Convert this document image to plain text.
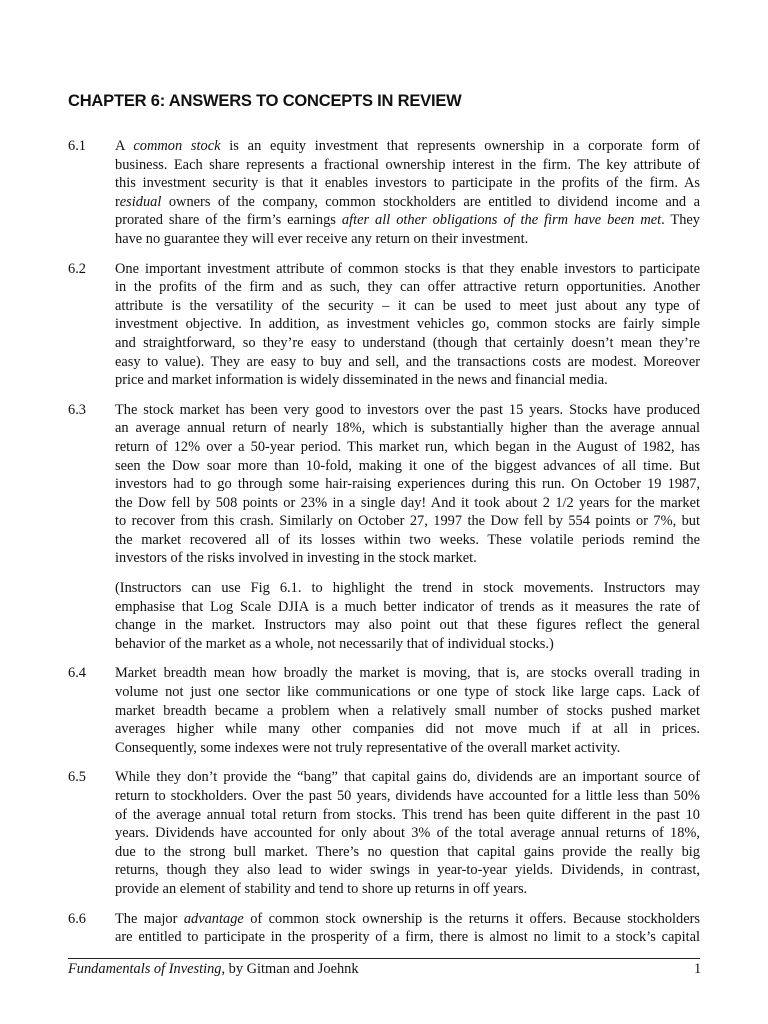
CHAPTER 6: ANSWERS TO CONCEPTS IN REVIEW
6.1 A common stock is an equity investment that represents ownership in a corporate form of
business. Each share represents a fractional ownership interest in the firm. The key attribute of
this investment security is that it enables investors to participate in the profits of the firm. As
residual owners of the company, common stockholders are entitled to dividend income and a
prorated share of the firm’s earnings after all other obligations of the firm have been met. They
have no guarantee they will ever receive any return on their investment.
6.2 One important investment attribute of common stocks is that they enable investors to participate
in the profits of the firm and as such, they can offer attractive return opportunities. Another
attribute is the versatility of the security – it can be used to meet just about any type of
investment objective. In addition, as investment vehicles go, common stocks are fairly simple
and straightforward, so they’re easy to understand (though that certainly doesn’t mean they’re
easy to value). They are easy to buy and sell, and the transactions costs are modest. Moreover
price and market information is widely disseminated in the news and financial media.
6.3 The stock market has been very good to investors over the past 15 years. Stocks have produced
an average annual return of nearly 18%, which is substantially higher than the average annual
return of 12% over a 50-year period. This market run, which began in the August of 1982, has
seen the Dow soar more than 10-fold, making it one of the biggest advances of all time. But
investors had to go through some hair-raising experiences during this run. On October 19 1987,
the Dow fell by 508 points or 23% in a single day! And it took about 2 1/2 years for the market
to recover from this crash. Similarly on October 27, 1997 the Dow fell by 554 points or 7%, but
the market recovered all of its losses within two weeks. These volatile periods remind the
investors of the risks involved in investing in the stock market.
(Instructors can use Fig 6.1. to highlight the trend in stock movements. Instructors may
emphasise that Log Scale DJIA is a much better indicator of trends as it measures the rate of
change in the market. Instructors may also point out that these figures reflect the general
behavior of the market as a whole, not necessarily that of individual stocks.)
6.4 Market breadth mean how broadly the market is moving, that is, are stocks overall trading in
volume not just one sector like communications or one type of stock like large caps. Lack of
market breadth became a problem when a relatively small number of stocks pushed market
averages higher while many other companies did not move much if at all in prices.
Consequently, some indexes were not truly representative of the overall market activity.
6.5 While they don’t provide the “bang” that capital gains do, dividends are an important source of
return to stockholders. Over the past 50 years, dividends have accounted for a little less than 50%
of the average annual total return from stocks. This trend has been quite different in the past 10
years. Dividends have accounted for only about 3% of the total average annual returns of 18%,
due to the strong bull market. There’s no question that capital gains provide the really big
returns, though they also lead to wider swings in year-to-year yields. Dividends, in contrast,
provide an element of stability and tend to shore up returns in off years.
6.6 The major advantage of common stock ownership is the returns it offers. Because stockholders
are entitled to participate in the prosperity of a firm, there is almost no limit to a stock’s capital
Fundamentals of Investing, by Gitman and Joehnk	1
